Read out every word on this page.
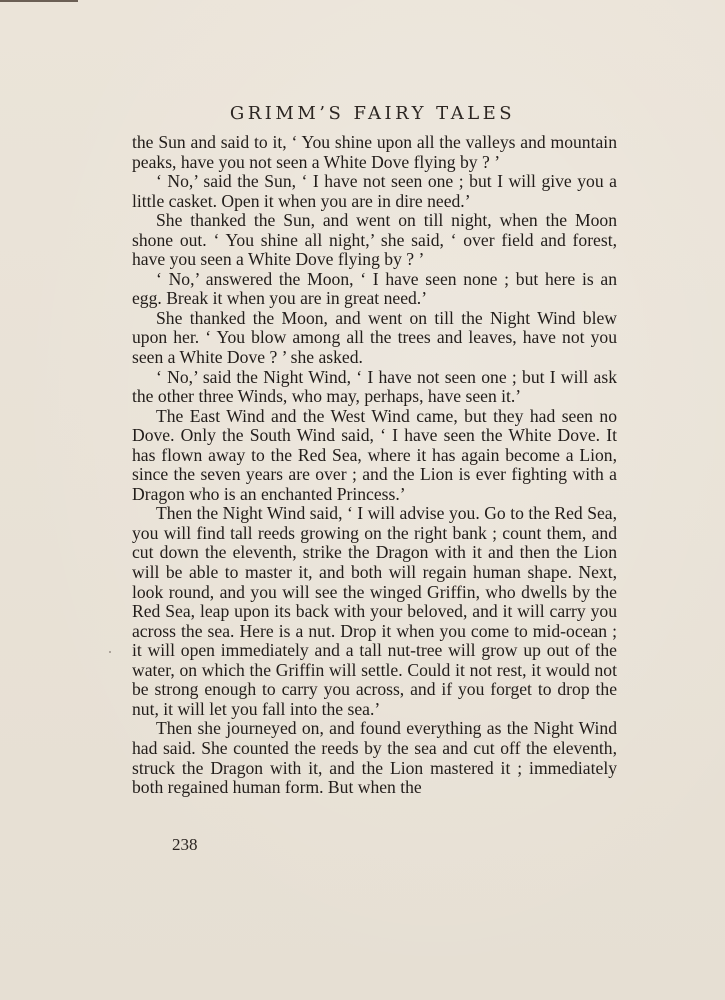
GRIMM’S FAIRY TALES

the Sun and said to it, ‘ You shine upon all the valleys and mountain peaks, have you not seen a White Dove flying by ? ’

‘ No,’ said the Sun, ‘ I have not seen one ; but I will give you a little casket. Open it when you are in dire need.’

She thanked the Sun, and went on till night, when the Moon shone out. ‘ You shine all night,’ she said, ‘ over field and forest, have you seen a White Dove flying by ? ’

‘ No,’ answered the Moon, ‘ I have seen none ; but here is an egg. Break it when you are in great need.’

She thanked the Moon, and went on till the Night Wind blew upon her. ‘ You blow among all the trees and leaves, have not you seen a White Dove ? ’ she asked.

‘ No,’ said the Night Wind, ‘ I have not seen one ; but I will ask the other three Winds, who may, perhaps, have seen it.’

The East Wind and the West Wind came, but they had seen no Dove. Only the South Wind said, ‘ I have seen the White Dove. It has flown away to the Red Sea, where it has again become a Lion, since the seven years are over ; and the Lion is ever fighting with a Dragon who is an enchanted Princess.’

Then the Night Wind said, ‘ I will advise you. Go to the Red Sea, you will find tall reeds growing on the right bank ; count them, and cut down the eleventh, strike the Dragon with it and then the Lion will be able to master it, and both will regain human shape. Next, look round, and you will see the winged Griffin, who dwells by the Red Sea, leap upon its back with your beloved, and it will carry you across the sea. Here is a nut. Drop it when you come to mid-ocean ; it will open immediately and a tall nut-tree will grow up out of the water, on which the Griffin will settle. Could it not rest, it would not be strong enough to carry you across, and if you forget to drop the nut, it will let you fall into the sea.’

Then she journeyed on, and found everything as the Night Wind had said. She counted the reeds by the sea and cut off the eleventh, struck the Dragon with it, and the Lion mastered it ; immediately both regained human form. But when the

238
